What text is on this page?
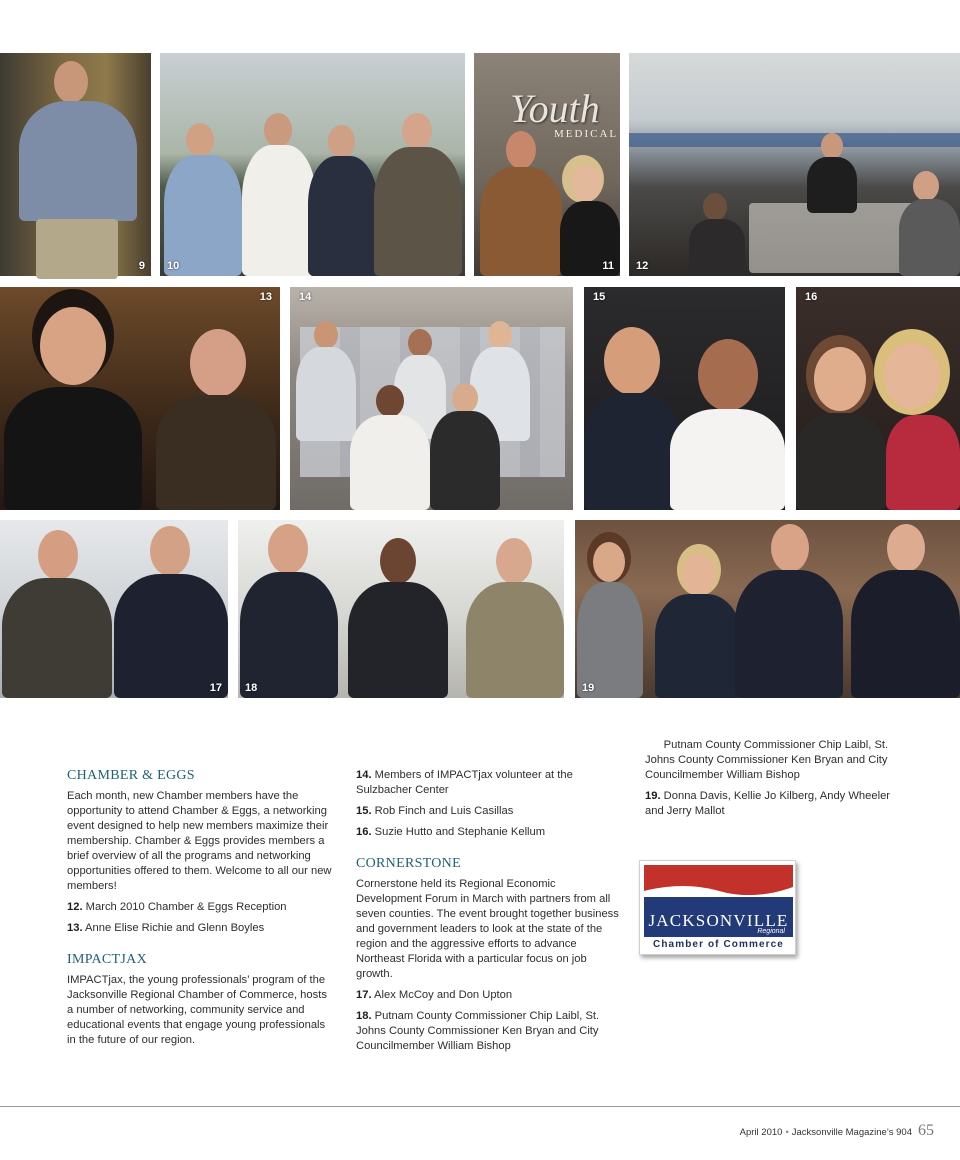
9 10
Youth
MEDICAL
11 12
13 14	15	16
17 18	19
CHAMBER & EGGS

Each month, new Chamber members have the opportunity to attend Chamber & Eggs, a networking event designed to help new members maximize their membership. Chamber & Eggs provides members a brief overview of all the programs and networking opportunities offered to them. Welcome to all our new members!

12. March 2010 Chamber & Eggs Reception

13. Anne Elise Richie and Glenn Boyles

IMPACTJAX

IMPACTjax, the young professionals’ program of the Jacksonville Regional Chamber of Commerce, hosts a number of networking, community service and educational events that engage young professionals in the future of our region.

14. Members of IMPACTjax volunteer at the Sulzbacher Center

15. Rob Finch and Luis Casillas

16. Suzie Hutto and Stephanie Kellum

CORNERSTONE

Cornerstone held its Regional Economic Development Forum in March with partners from all seven counties. The event brought together business and government leaders to look at the state of the region and the aggressive efforts to advance Northeast Florida with a particular focus on job growth.

17. Alex McCoy and Don Upton

18. Putnam County Commissioner Chip Laibl, St. Johns County Commissioner Ken Bryan and City Councilmember William Bishop

Putnam County Commissioner Chip Laibl, St. Johns County Commissioner Ken Bryan and City Councilmember William Bishop

19. Donna Davis, Kellie Jo Kilberg, Andy Wheeler and Jerry Mallot

JACKSONVILLE
Regional
Chamber of Commerce
April 2010 • Jacksonville Magazine’s 904 65
